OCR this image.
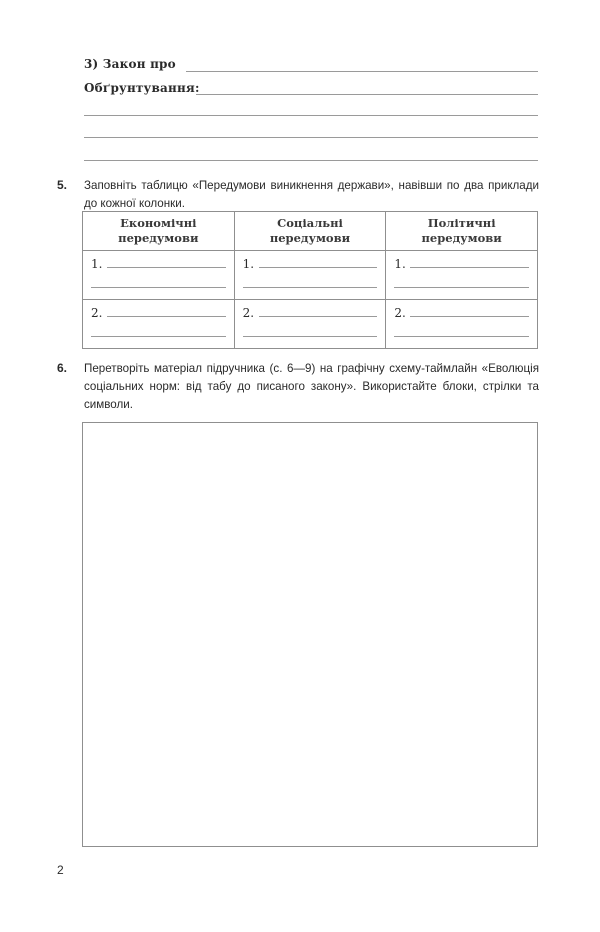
3) Закон про
Обґрунтування:
5. Заповніть таблицю «Передумови виникнення держави», навівши по два приклади до кожної колонки.
Економічні
передумови	Соціальні
передумови	Політичні
передумови

1.	1.	1.

2.	2.	2.
6. Перетворіть матеріал підручника (с. 6—9) на графічну схему-таймлайн «Еволюція соціальних норм: від табу до писаного закону». Використайте блоки, стрілки та символи.
2
